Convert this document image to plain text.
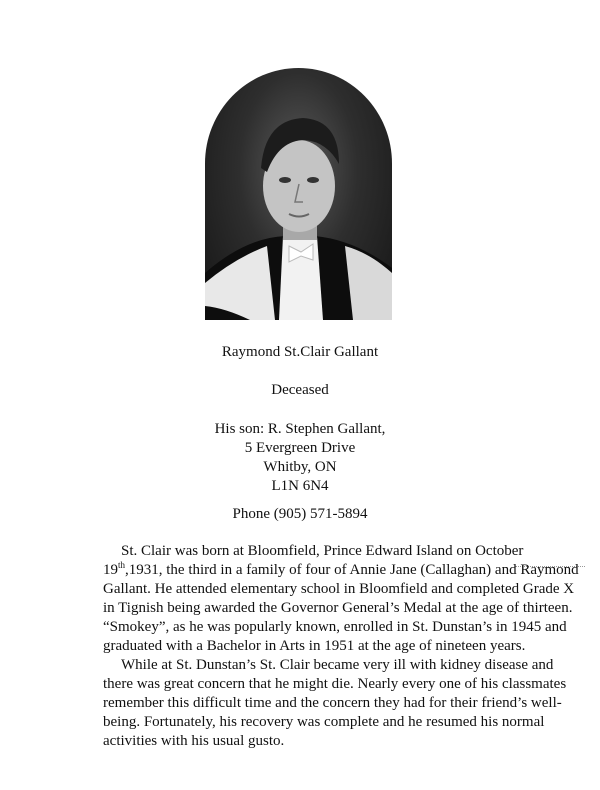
Raymond St.Clair Gallant
Deceased
His son: R. Stephen Gallant,
5 Evergreen Drive
Whitby, ON
L1N 6N4
Phone (905) 571-5894

St. Clair was born at Bloomfield, Prince Edward Island on October 19th,1931, the third in a family of four of Annie Jane (Callaghan) and Raymond Gallant. He attended elementary school in Bloomfield and completed Grade X in Tignish being awarded the Governor General’s Medal at the age of thirteen. “Smokey”, as he was popularly known, enrolled in St. Dunstan’s in 1945 and graduated with a Bachelor in Arts in 1951 at the age of nineteen years.

While at St. Dunstan’s St. Clair became very ill with kidney disease and there was great concern that he might die. Nearly every one of his classmates remember this difficult time and the concern they had for their friend’s well-being. Fortunately, his recovery was complete and he resumed his normal activities with his usual gusto.
